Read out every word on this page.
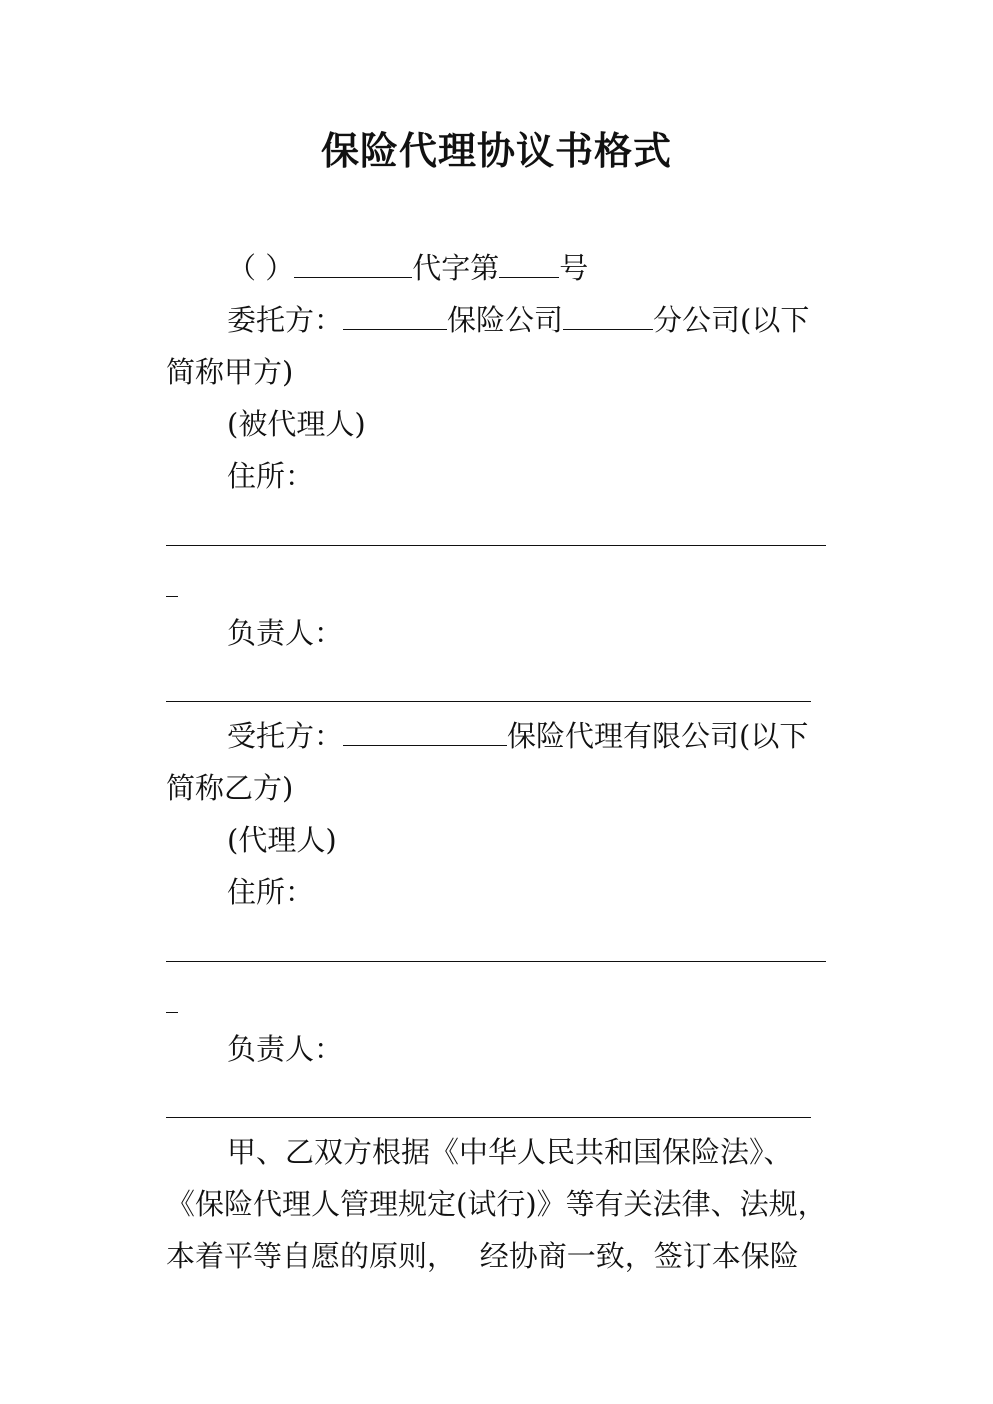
保险代理协议书格式
（ ）	代字第 号
委托方：	保险公司	分公司(以下
简称甲方)
(被代理人)
住所：
负责人：
受托方：	保险代理有限公司(以下
简称乙方)
(代理人)
住所：
负责人：
甲、乙双方根据《中华人民共和国保险法》、
《保险代理人管理规定(试行)》等有关法律、法规，
本着平等自愿的原则，　 经协商一致，签订本保险
